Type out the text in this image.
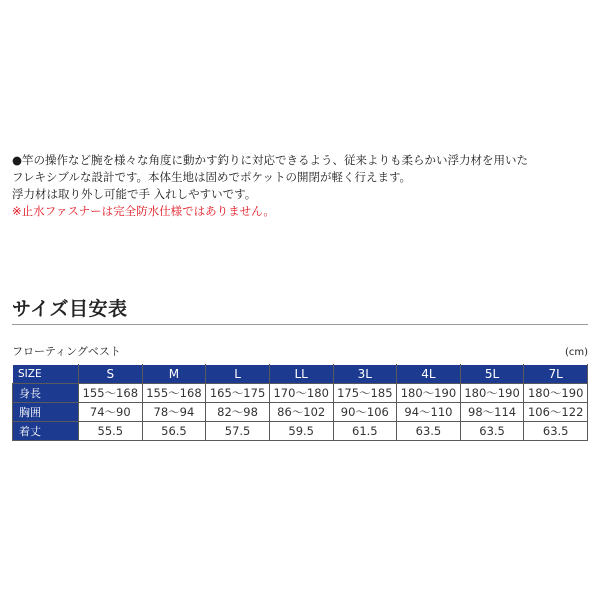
●竿の操作など腕を様々な角度に動かす釣りに対応できるよう、従来よりも柔らかい浮力材を用いた
フレキシブルな設計です。本体生地は固めでポケットの開閉が軽く行えます。
浮力材は取り外し可能で手 入れしやすいです。
※止水ファスナーは完全防水仕様ではありません。
サイズ目安表
フローティングベスト	(cm)
SIZE	S	M	L	LL	3L	4L	5L	7L
身長	155〜168	155〜168	165〜175	170〜180	175〜185	180〜190	180〜190	180〜190
胸囲	74〜90	78〜94	82〜98	86〜102	90〜106	94〜110	98〜114	106〜122
着丈	55.5	56.5	57.5	59.5	61.5	63.5	63.5	63.5
